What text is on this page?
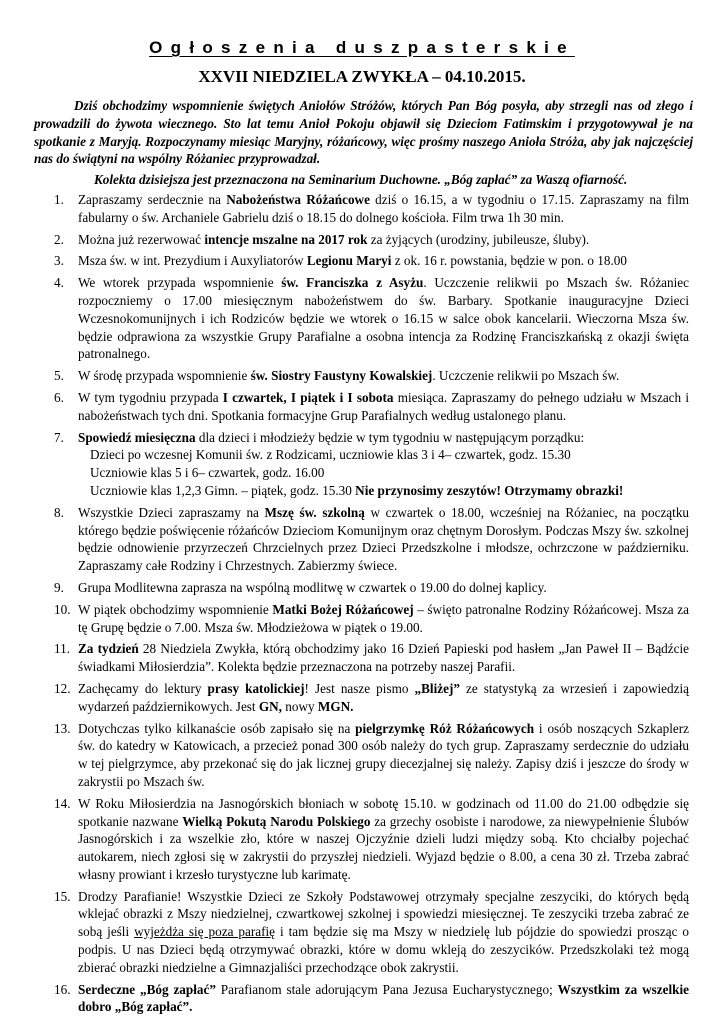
Ogłoszenia duszpasterskie
XXVII NIEDZIELA ZWYKŁA – 04.10.2015.
Dziś obchodzimy wspomnienie świętych Aniołów Stróżów, których Pan Bóg posyła, aby strzegli nas od złego i prowadzili do żywota wiecznego. Sto lat temu Anioł Pokoju objawił się Dzieciom Fatimskim i przygotowywał je na spotkanie z Maryją. Rozpoczynamy miesiąc Maryjny, różańcowy, więc prośmy naszego Anioła Stróża, aby jak najczęściej nas do świątyni na wspólny Różaniec przyprowadzał.
Kolekta dzisiejsza jest przeznaczona na Seminarium Duchowne. „Bóg zapłać” za Waszą ofiarność.
1.	Zapraszamy serdecznie na Nabożeństwa Różańcowe dziś o 16.15, a w tygodniu o 17.15. Zapraszamy na film fabularny o św. Archaniele Gabrielu dziś o 18.15 do dolnego kościoła. Film trwa 1h 30 min.
2.	Można już rezerwować intencje mszalne na 2017 rok za żyjących (urodziny, jubileusze, śluby).
3.	Msza św. w int. Prezydium i Auxyliatorów Legionu Maryi z ok. 16 r. powstania, będzie w pon. o 18.00
4.	We wtorek przypada wspomnienie św. Franciszka z Asyżu. Uczczenie relikwii po Mszach św. Różaniec rozpoczniemy o 17.00 miesięcznym nabożeństwem do św. Barbary. Spotkanie inauguracyjne Dzieci Wczesnokomunijnych i ich Rodziców będzie we wtorek o 16.15 w salce obok kancelarii. Wieczorna Msza św. będzie odprawiona za wszystkie Grupy Parafialne a osobna intencja za Rodzinę Franciszkańską z okazji święta patronalnego.
5.	W środę przypada wspomnienie św. Siostry Faustyny Kowalskiej. Uczczenie relikwii po Mszach św.
6.	W tym tygodniu przypada I czwartek, I piątek i I sobota miesiąca. Zapraszamy do pełnego udziału w Mszach i nabożeństwach tych dni. Spotkania formacyjne Grup Parafialnych według ustalonego planu.
7.	Spowiedź miesięczna dla dzieci i młodzieży będzie w tym tygodniu w następującym porządku:
Dzieci po wczesnej Komunii św. z Rodzicami, uczniowie klas 3 i 4– czwartek, godz. 15.30
Uczniowie klas 5 i 6– czwartek, godz. 16.00
Uczniowie klas 1,2,3 Gimn. – piątek, godz. 15.30 Nie przynosimy zeszytów! Otrzymamy obrazki!
8.	Wszystkie Dzieci zapraszamy na Mszę św. szkolną w czwartek o 18.00, wcześniej na Różaniec, na początku którego będzie poświęcenie różańców Dzieciom Komunijnym oraz chętnym Dorosłym. Podczas Mszy św. szkolnej będzie odnowienie przyrzeczeń Chrzcielnych przez Dzieci Przedszkolne i młodsze, ochrzczone w październiku. Zapraszamy całe Rodziny i Chrzestnych. Zabierzmy świece.
9.	Grupa Modlitewna zaprasza na wspólną modlitwę w czwartek o 19.00 do dolnej kaplicy.
10. W piątek obchodzimy wspomnienie Matki Bożej Różańcowej – święto patronalne Rodziny Różańcowej. Msza za tę Grupę będzie o 7.00. Msza św. Młodzieżowa w piątek o 19.00.
11. Za tydzień 28 Niedziela Zwykła, którą obchodzimy jako 16 Dzień Papieski pod hasłem „Jan Paweł II – Bądźcie świadkami Miłosierdzia”. Kolekta będzie przeznaczona na potrzeby naszej Parafii.
12. Zachęcamy do lektury prasy katolickiej! Jest nasze pismo „Bliżej” ze statystyką za wrzesień i zapowiedzią wydarzeń październikowych. Jest GN, nowy MGN.
13. Dotychczas tylko kilkanaście osób zapisało się na pielgrzymkę Róż Różańcowych i osób noszących Szkaplerz św. do katedry w Katowicach, a przecież ponad 300 osób należy do tych grup. Zapraszamy serdecznie do udziału w tej pielgrzymce, aby przekonać się do jak licznej grupy diecezjalnej się należy. Zapisy dziś i jeszcze do środy w zakrystii po Mszach św.
14. W Roku Miłosierdzia na Jasnogórskich błoniach w sobotę 15.10. w godzinach od 11.00 do 21.00 odbędzie się spotkanie nazwane Wielką Pokutą Narodu Polskiego za grzechy osobiste i narodowe, za niewypełnienie Ślubów Jasnogórskich i za wszelkie zło, które w naszej Ojczyźnie dzieli ludzi między sobą. Kto chciałby pojechać autokarem, niech zgłosi się w zakrystii do przyszłej niedzieli. Wyjazd będzie o 8.00, a cena 30 zł. Trzeba zabrać własny prowiant i krzesło turystyczne lub karimatę.
15. Drodzy Parafianie! Wszystkie Dzieci ze Szkoły Podstawowej otrzymały specjalne zeszyciki, do których będą wklejać obrazki z Mszy niedzielnej, czwartkowej szkolnej i spowiedzi miesięcznej. Te zeszyciki trzeba zabrać ze sobą jeśli wyjeżdża się poza parafię i tam będzie się ma Mszy w niedzielę lub pójdzie do spowiedzi prosząc o podpis. U nas Dzieci będą otrzymywać obrazki, które w domu wkleją do zeszycików. Przedszkolaki też mogą zbierać obrazki niedzielne a Gimnazjaliści przechodzące obok zakrystii.
16. Serdeczne „Bóg zapłać” Parafianom stale adorującym Pana Jezusa Eucharystycznego; Wszystkim za wszelkie dobro „Bóg zapłać”.
